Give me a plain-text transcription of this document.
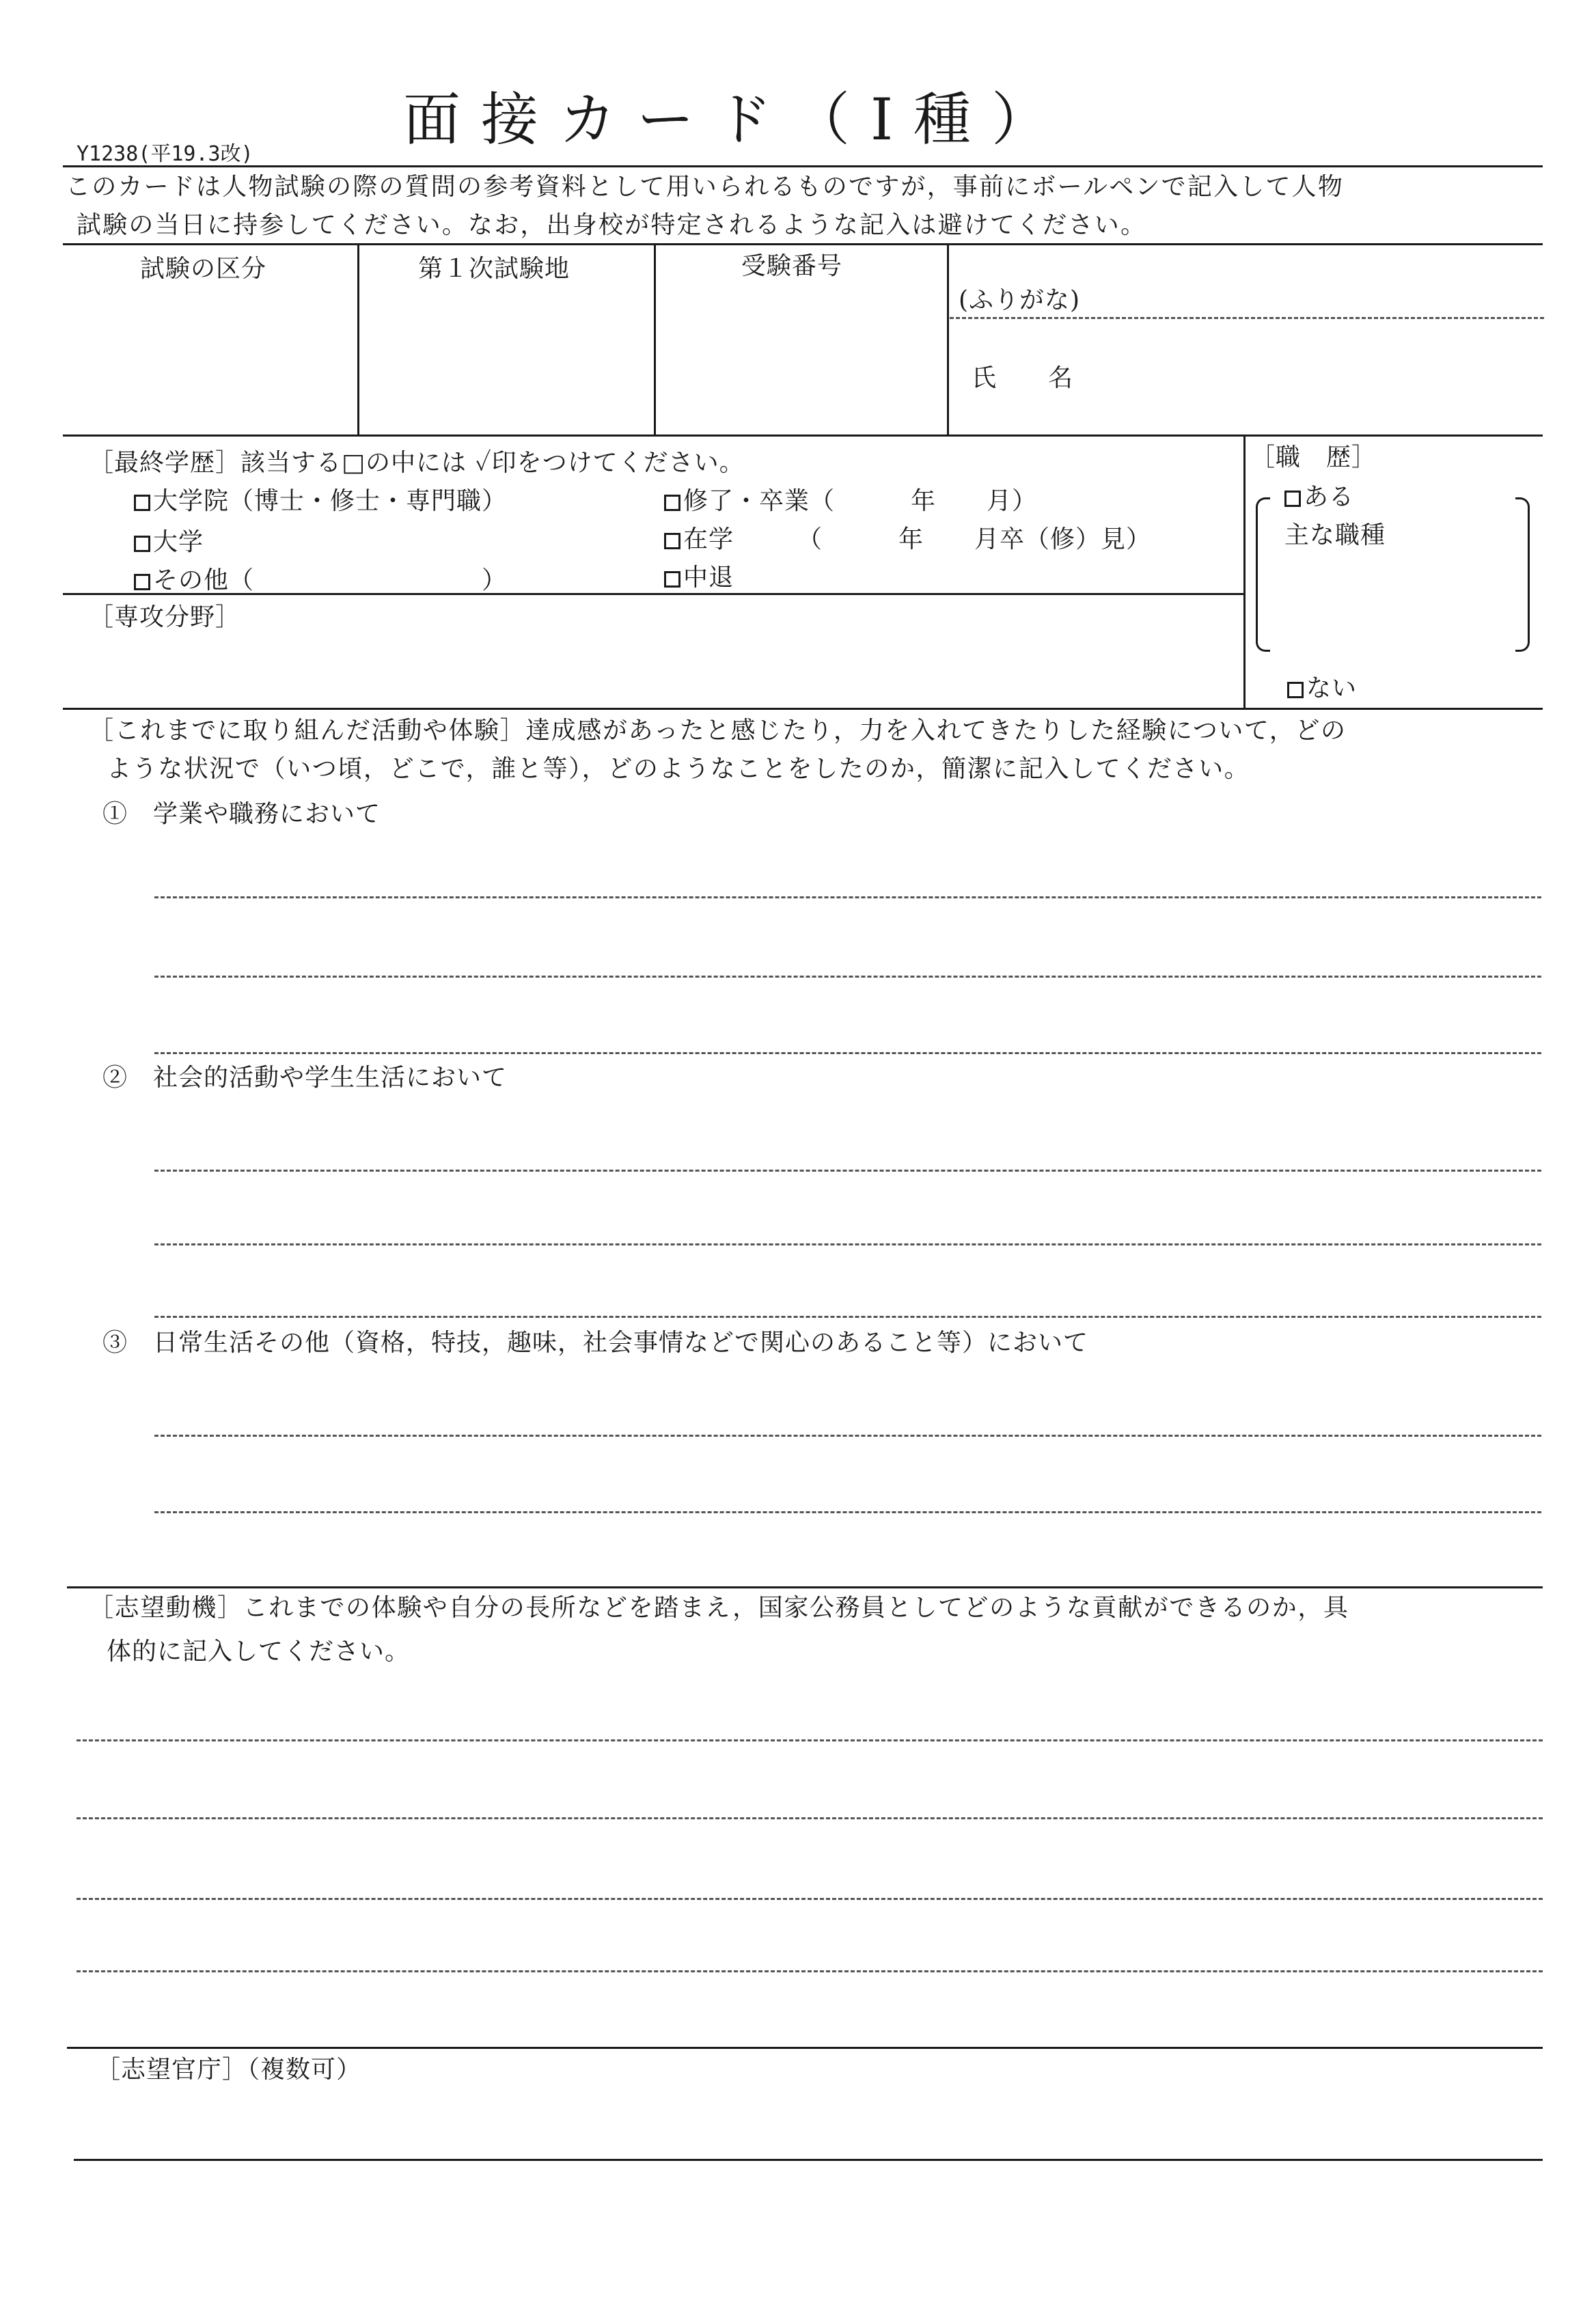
面接カード（Ⅰ種）
Y1238(平19.3改)
このカードは人物試験の際の質問の参考資料として用いられるものですが，事前にボールペンで記入して人物
試験の当日に持参してください。なお，出身校が特定されるような記入は避けてください。
試験の区分	第１次試験地	受験番号
(ふりがな)
氏　名
［最終学歴］該当する□の中には ✓印をつけてください。
大学院（博士・修士・専門職）
大学
その他（　　　　　　　　　）
修了・卒業（　　　年　　月）
在学　　　（　　　年　　月卒（修）見）
中退
［専攻分野］
［職　歴］
ある
主な職種
ない
［これまでに取り組んだ活動や体験］達成感があったと感じたり，力を入れてきたりした経験について，どの
ような状況で（いつ頃，どこで，誰と等），どのようなことをしたのか，簡潔に記入してください。
①　学業や職務において
②　社会的活動や学生生活において
③　日常生活その他（資格，特技，趣味，社会事情などで関心のあること等）において
［志望動機］これまでの体験や自分の長所などを踏まえ，国家公務員としてどのような貢献ができるのか，具
体的に記入してください。
［志望官庁］（複数可）
